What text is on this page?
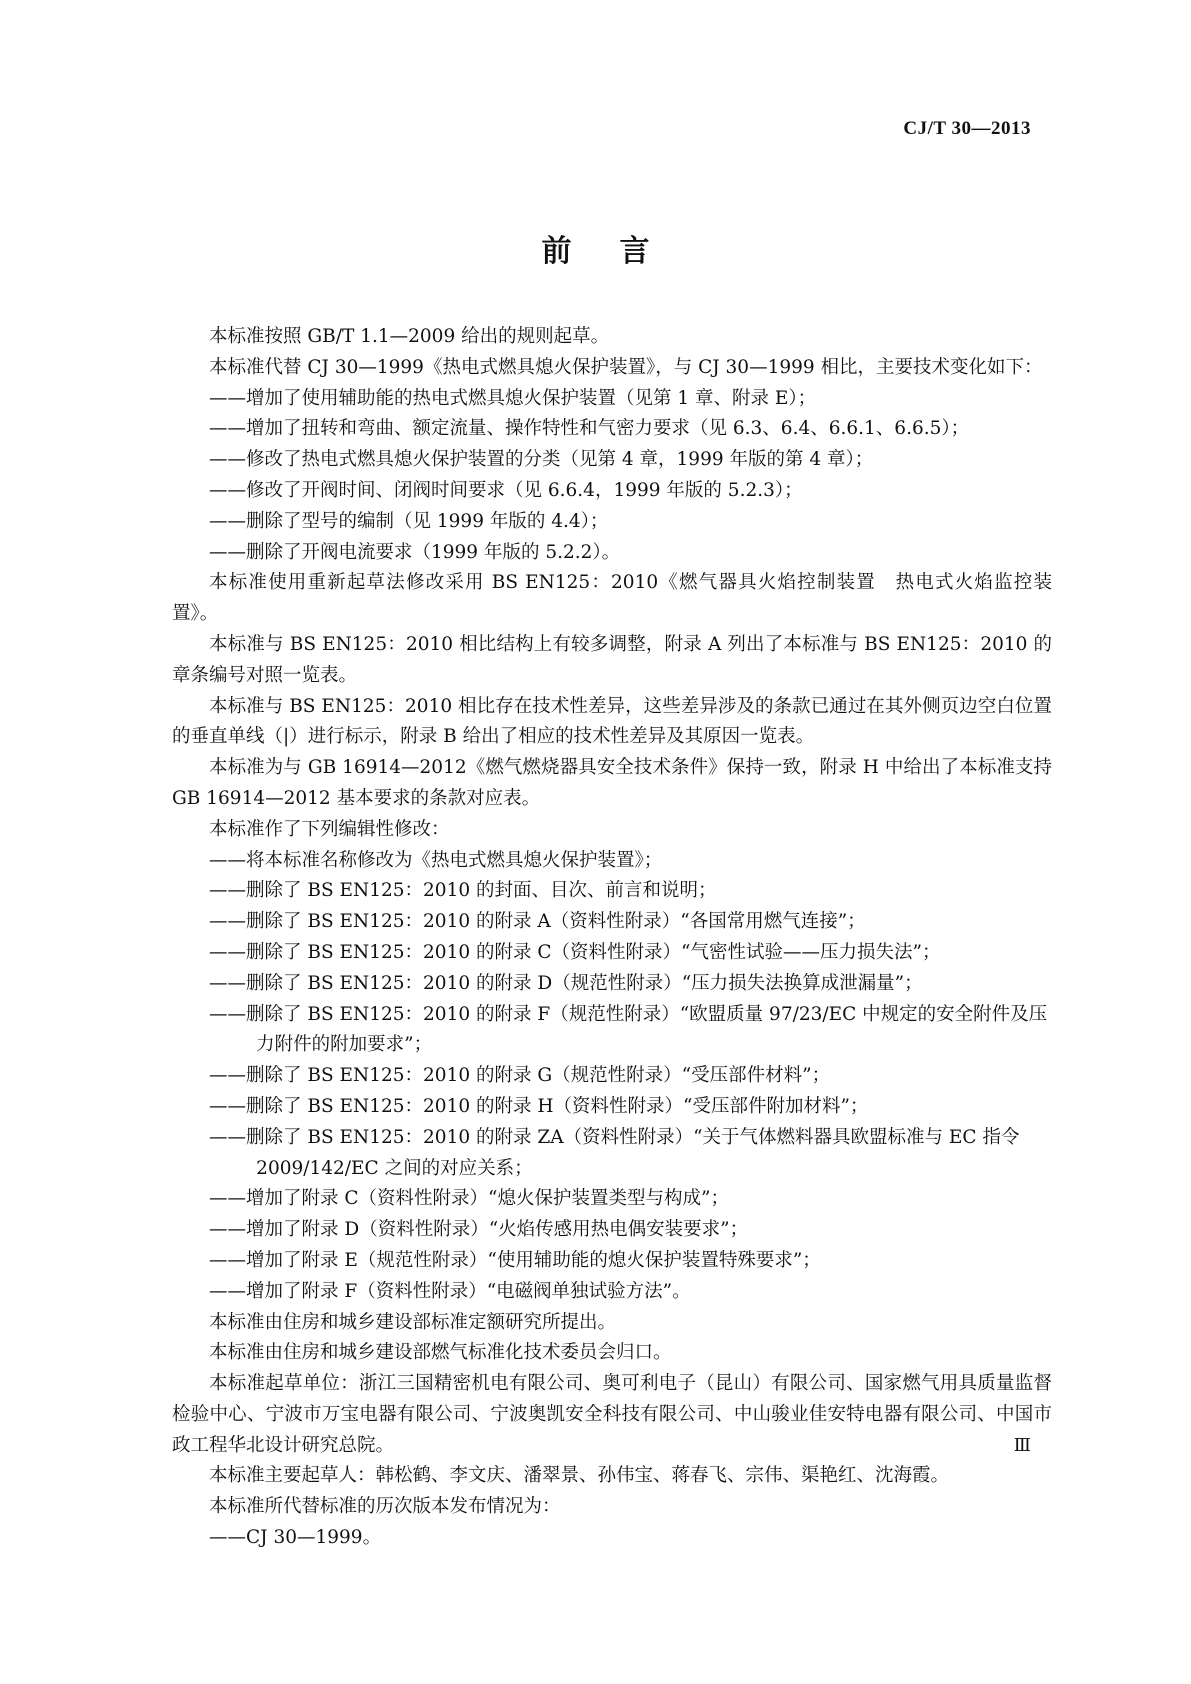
CJ/T 30—2013
前 言

本标准按照 GB/T 1.1—2009 给出的规则起草。

本标准代替 CJ 30—1999《热电式燃具熄火保护装置》，与 CJ 30—1999 相比，主要技术变化如下：

——增加了使用辅助能的热电式燃具熄火保护装置（见第 1 章、附录 E）；

——增加了扭转和弯曲、额定流量、操作特性和气密力要求（见 6.3、6.4、6.6.1、6.6.5）；

——修改了热电式燃具熄火保护装置的分类（见第 4 章，1999 年版的第 4 章）；

——修改了开阀时间、闭阀时间要求（见 6.6.4，1999 年版的 5.2.3）；

——删除了型号的编制（见 1999 年版的 4.4）；

——删除了开阀电流要求（1999 年版的 5.2.2）。

本标准使用重新起草法修改采用 BS EN125：2010《燃气器具火焰控制装置　热电式火焰监控装置》。

本标准与 BS EN125：2010 相比结构上有较多调整，附录 A 列出了本标准与 BS EN125：2010 的章条编号对照一览表。

本标准与 BS EN125：2010 相比存在技术性差异，这些差异涉及的条款已通过在其外侧页边空白位置的垂直单线（|）进行标示，附录 B 给出了相应的技术性差异及其原因一览表。

本标准为与 GB 16914—2012《燃气燃烧器具安全技术条件》保持一致，附录 H 中给出了本标准支持 GB 16914—2012 基本要求的条款对应表。

本标准作了下列编辑性修改：

——将本标准名称修改为《热电式燃具熄火保护装置》；

——删除了 BS EN125：2010 的封面、目次、前言和说明；

——删除了 BS EN125：2010 的附录 A（资料性附录）“各国常用燃气连接”；

——删除了 BS EN125：2010 的附录 C（资料性附录）“气密性试验——压力损失法”；

——删除了 BS EN125：2010 的附录 D（规范性附录）“压力损失法换算成泄漏量”；

——删除了 BS EN125：2010 的附录 F（规范性附录）“欧盟质量 97/23/EC 中规定的安全附件及压力附件的附加要求”；

——删除了 BS EN125：2010 的附录 G（规范性附录）“受压部件材料”；

——删除了 BS EN125：2010 的附录 H（资料性附录）“受压部件附加材料”；

——删除了 BS EN125：2010 的附录 ZA（资料性附录）“关于气体燃料器具欧盟标准与 EC 指令 2009/142/EC 之间的对应关系；

——增加了附录 C（资料性附录）“熄火保护装置类型与构成”；

——增加了附录 D（资料性附录）“火焰传感用热电偶安装要求”；

——增加了附录 E（规范性附录）“使用辅助能的熄火保护装置特殊要求”；

——增加了附录 F（资料性附录）“电磁阀单独试验方法”。

本标准由住房和城乡建设部标准定额研究所提出。

本标准由住房和城乡建设部燃气标准化技术委员会归口。

本标准起草单位：浙江三国精密机电有限公司、奥可利电子（昆山）有限公司、国家燃气用具质量监督检验中心、宁波市万宝电器有限公司、宁波奥凯安全科技有限公司、中山骏业佳安特电器有限公司、中国市政工程华北设计研究总院。

本标准主要起草人：韩松鹤、李文庆、潘翠景、孙伟宝、蒋春飞、宗伟、渠艳红、沈海霞。

本标准所代替标准的历次版本发布情况为：

——CJ 30—1999。

Ⅲ
